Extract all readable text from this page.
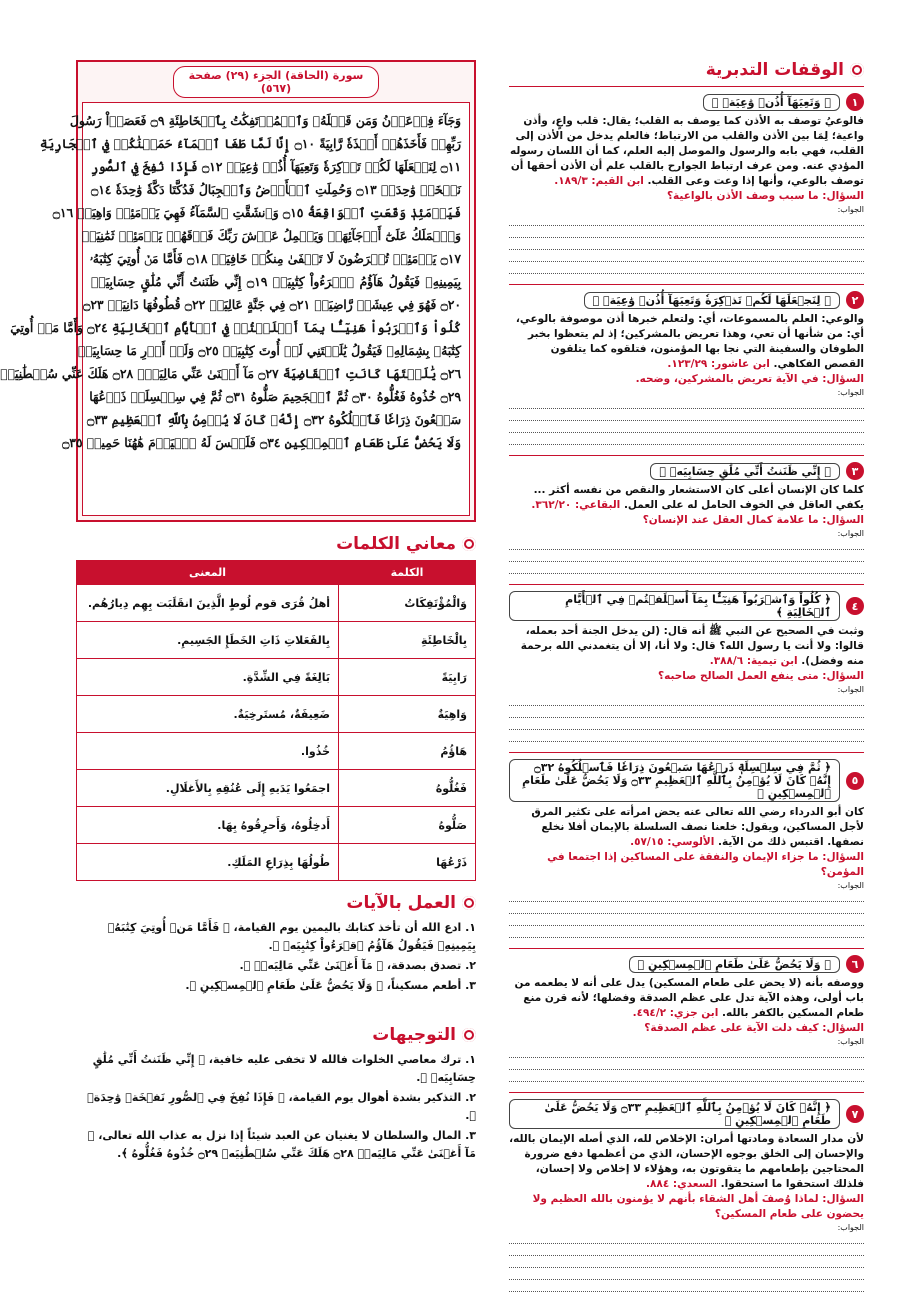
الوقفات التدبرية
١
﴿ وَتَعِيَهَآ أُذُنٞ وَٰعِيَةٞ ﴾
فالوعيُ توصف به الأذن كما يوصف به القلب؛ يقال: قلب واعٍ، وأذن واعية؛ لِمَا بين الأذن والقلب من الارتباط؛ فالعلم يدخل من الأذن إلى القلب، فهي بابه والرسول والموصل إليه العلم، كما أن اللسان رسوله المؤدي عنه. ومن عرف ارتباط الجوارح بالقلب علم أن الأذن أحقها أن توصف بالوعي، وأنها إذا وعت وعى القلب. ابن القيم: ١٨٩/٣.
السؤال: ما سبب وصف الأذن بالواعية؟
الجواب:
٢
﴿ لِنَجۡعَلَهَا لَكُمۡ تَذۡكِرَةٗ وَتَعِيَهَآ أُذُنٞ وَٰعِيَةٞ ﴾
والوعي: العلم بالمسموعات، أي: ولتعلم خبرها أذن موصوفة بالوعي، أي: من شأنها أن تعي، وهذا تعريض بالمشركين؛ إذ لم يتعظوا بخبر الطوفان والسفينة التي نجا بها المؤمنون، فتلقوه كما يتلقون القصص الفكاهي. ابن عاشور: ١٢٣/٢٩.
السؤال: في الآية تعريض بالمشركين، وضحه.
الجواب:
٣
﴿ إِنِّي ظَنَنتُ أَنِّي مُلَٰقٍ حِسَابِيَهۡ ﴾
كلما كان الإنسان أعلى كان الاستشعار والنقص من نفسه أكثر ... يكفي العاقل في الخوف الحامل له على العمل. البقاعي: ٣٦٢/٢٠.
السؤال: ما علامة كمال العقل عند الإنسان؟
الجواب:
٤
﴿ كُلُواْ وَٱشۡرَبُواْ هَنِيٓـَٔۢا بِمَآ أَسۡلَفۡتُمۡ فِي ٱلۡأَيَّامِ ٱلۡخَالِيَةِ ﴾
وثبت في الصحيح عن النبي ﷺ أنه قال: (لن يدخل الجنة أحد بعمله، قالوا: ولا أنت يا رسول الله؟ قال: ولا أنا، إلا أن يتغمدني الله برحمة منه وفضل). ابن تيمية: ٣٨٨/٦.
السؤال: متى ينفع العمل الصالح صاحبه؟
الجواب:
٥
﴿ ثُمَّ فِي سِلۡسِلَةٖ ذَرۡعُهَا سَبۡعُونَ ذِرَاعٗا فَٱسۡلُكُوهُ ۝٣٢ إِنَّهُۥ كَانَ لَا يُؤۡمِنُ بِٱللَّهِ ٱلۡعَظِيمِ ۝٣٣ وَلَا يَحُضُّ عَلَىٰ طَعَامِ ٱلۡمِسۡكِينِ ﴾
كان أبو الدرداء رضي الله تعالى عنه يحض امرأته على تكثير المرق لأجل المساكين، ويقول: خلعنا نصف السلسلة بالإيمان أفلا نخلع نصفها. اقتبس ذلك من الآية. الألوسي: ٥٧/١٥.
السؤال: ما جزاء الإيمان والنفقة على المساكين إذا اجتمعا في المؤمن؟
الجواب:
٦
﴿ وَلَا يَحُضُّ عَلَىٰ طَعَامِ ٱلۡمِسۡكِينِ ﴾
ووصفه بأنه (لا يحض على طعام المسكين) يدل على أنه لا يطعمه من باب أولى، وهذه الآية تدل على عظم الصدقة وفضلها؛ لأنه قرن منع طعام المسكين بالكفر بالله. ابن جزي: ٤٩٤/٢.
السؤال: كيف دلت الآية على عظم الصدقة؟
الجواب:
٧
﴿ إِنَّهُۥ كَانَ لَا يُؤۡمِنُ بِٱللَّهِ ٱلۡعَظِيمِ ۝٣٣ وَلَا يَحُضُّ عَلَىٰ طَعَامِ ٱلۡمِسۡكِينِ ﴾
لأن مدار السعادة ومادتها أمران: الإخلاص لله، الذي أصله الإيمان بالله، والإحسان إلى الخلق بوجوه الإحسان، الذي من أعظمها دفع ضرورة المحتاجين بإطعامهم ما يتقوتون به، وهؤلاء لا إخلاص ولا إحسان، فلذلك استحقوا ما استحقوا. السعدي: ٨٨٤.
السؤال: لماذا وُصفَ أهل الشقاء بأنهم لا يؤمنون بالله العظيم ولا يحضون على طعام المسكين؟
الجواب:
سورة (الحاقة) الجزء (٢٩) صفحة (٥٦٧)
وَجَآءَ فِرۡعَوۡنُ وَمَن قَبۡلَهُۥ وَٱلۡمُؤۡتَفِكَٰتُ بِٱلۡخَاطِئَةِ ۝٩ فَعَصَوۡاْ رَسُولَ
رَبِّهِمۡ فَأَخَذَهُمۡ أَخۡذَةٗ رَّابِيَةً ۝١٠ إِنَّا لَمَّا طَغَا ٱلۡمَآءُ حَمَلۡنَٰكُمۡ فِي ٱلۡجَارِيَةِ
۝١١ لِنَجۡعَلَهَا لَكُمۡ تَذۡكِرَةٗ وَتَعِيَهَآ أُذُنٞ وَٰعِيَةٞ ۝١٢ فَإِذَا نُفِخَ فِي ٱلصُّورِ
نَفۡخَةٞ وَٰحِدَةٞ ۝١٣ وَحُمِلَتِ ٱلۡأَرۡضُ وَٱلۡجِبَالُ فَدُكَّتَا دَكَّةٗ وَٰحِدَةٗ ۝١٤
فَيَوۡمَئِذٖ وَقَعَتِ ٱلۡوَاقِعَةُ ۝١٥ وَٱنشَقَّتِ ٱلسَّمَآءُ فَهِيَ يَوۡمَئِذٖ وَاهِيَةٞ ۝١٦
وَٱلۡمَلَكُ عَلَىٰٓ أَرۡجَآئِهَاۚ وَيَحۡمِلُ عَرۡشَ رَبِّكَ فَوۡقَهُمۡ يَوۡمَئِذٖ ثَمَٰنِيَةٞ
۝١٧ يَوۡمَئِذٖ تُعۡرَضُونَ لَا تَخۡفَىٰ مِنكُمۡ خَافِيَةٞ ۝١٨ فَأَمَّا مَنۡ أُوتِيَ كِتَٰبَهُۥ
بِيَمِينِهِۦ فَيَقُولُ هَآؤُمُ ٱقۡرَءُواْ كِتَٰبِيَهۡ ۝١٩ إِنِّي ظَنَنتُ أَنِّي مُلَٰقٍ حِسَابِيَهۡ
۝٢٠ فَهُوَ فِي عِيشَةٖ رَّاضِيَةٖ ۝٢١ فِي جَنَّةٍ عَالِيَةٖ ۝٢٢ قُطُوفُهَا دَانِيَةٞ ۝٢٣
كُلُواْ وَٱشۡرَبُواْ هَنِيٓـَٔۢا بِمَآ أَسۡلَفۡتُمۡ فِي ٱلۡأَيَّامِ ٱلۡخَالِيَةِ ۝٢٤ وَأَمَّا مَنۡ أُوتِيَ
كِتَٰبَهُۥ بِشِمَالِهِۦ فَيَقُولُ يَٰلَيۡتَنِي لَمۡ أُوتَ كِتَٰبِيَهۡ ۝٢٥ وَلَمۡ أَدۡرِ مَا حِسَابِيَهۡ
۝٢٦ يَٰلَيۡتَهَا كَانَتِ ٱلۡقَاضِيَةَ ۝٢٧ مَآ أَغۡنَىٰ عَنِّي مَالِيَهۡۜ ۝٢٨ هَلَكَ عَنِّي سُلۡطَٰنِيَهۡ
۝٢٩ خُذُوهُ فَغُلُّوهُ ۝٣٠ ثُمَّ ٱلۡجَحِيمَ صَلُّوهُ ۝٣١ ثُمَّ فِي سِلۡسِلَةٖ ذَرۡعُهَا
سَبۡعُونَ ذِرَاعٗا فَٱسۡلُكُوهُ ۝٣٢ إِنَّهُۥ كَانَ لَا يُؤۡمِنُ بِٱللَّهِ ٱلۡعَظِيمِ ۝٣٣
وَلَا يَحُضُّ عَلَىٰ طَعَامِ ٱلۡمِسۡكِينِ ۝٣٤ فَلَيۡسَ لَهُ ٱلۡيَوۡمَ هَٰهُنَا حَمِيمٞ ۝٣٥
معاني الكلمات
الكلمة	المعنى
وَالْمُؤْتَفِكَاتُ	أهلُ قُرَى قوم لُوطٍ الَّذِينَ انقَلَبَت بِهِم دِيارُهُم.
بِالْخَاطِئَةِ	بِالفَعَلاتِ ذَاتِ الخَطَإِ الجَسِيمِ.
رَابِيَةً	بَالِغَةً فِي الشِّدَّةِ.
وَاهِيَةٌ	ضَعِيفَةٌ، مُستَرخِيَةٌ.
هَاؤُمُ	خُذُوا.
فَغُلُّوهُ	اجمَعُوا يَدَيهِ إِلَى عُنُقِهِ بِالأَغلَالِ.
صَلُّوهُ	أَدخِلُوهُ، وَأَحرِقُوهُ بِهَا.
ذَرْعُهَا	طُولُهَا بِذِرَاعِ المَلَكِ.
العمل بالآيات
١. ادع الله أن تأخذ كتابك باليمين يوم القيامة، ﴿ فَأَمَّا مَنۡ أُوتِيَ كِتَٰبَهُۥ بِيَمِينِهِۦ فَيَقُولُ هَآؤُمُ ٱقۡرَءُواْ كِتَٰبِيَهۡ ﴾.
٢. تصدق بصدقة، ﴿ مَآ أَغۡنَىٰ عَنِّي مَالِيَهۡۜ ﴾.
٣. أطعم مسكيناً، ﴿ وَلَا يَحُضُّ عَلَىٰ طَعَامِ ٱلۡمِسۡكِينِ ﴾.
التوجيهات
١. ترك معاصي الخلوات فالله لا تخفى عليه خافية، ﴿ إِنِّي ظَنَنتُ أَنِّي مُلَٰقٍ حِسَابِيَهۡ ﴾.
٢. التذكير بشدة أهوال يوم القيامة، ﴿ فَإِذَا نُفِخَ فِي ٱلصُّورِ نَفۡخَةٞ وَٰحِدَةٞ ﴾.
٣. المال والسلطان لا يغنيان عن العبد شيئاً إذا نزل به عذاب الله تعالى، ﴿ مَآ أَغۡنَىٰ عَنِّي مَالِيَهۡۜ ۝٢٨ هَلَكَ عَنِّي سُلۡطَٰنِيَهۡ ۝٢٩ خُذُوهُ فَغُلُّوهُ ﴾.
